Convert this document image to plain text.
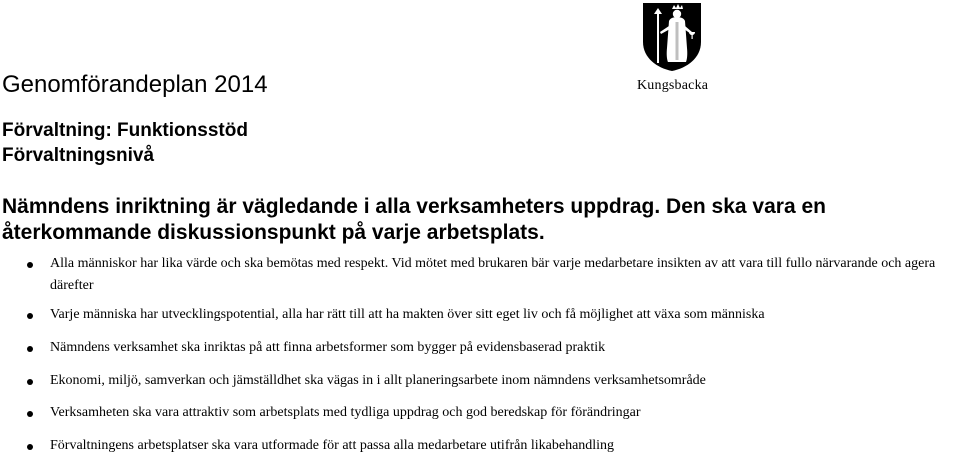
Kungsbacka
Genomförandeplan 2014
Förvaltning: Funktionsstöd
Förvaltningsnivå
Nämndens inriktning är vägledande i alla verksamheters uppdrag. Den ska vara en återkommande diskussionspunkt på varje arbetsplats.
Alla människor har lika värde och ska bemötas med respekt. Vid mötet med brukaren bär varje medarbetare insikten av att vara till fullo närvarande och agera därefter
Varje människa har utvecklingspotential, alla har rätt till att ha makten över sitt eget liv och få möjlighet att växa som människa
Nämndens verksamhet ska inriktas på att finna arbetsformer som bygger på evidensbaserad praktik
Ekonomi, miljö, samverkan och jämställdhet ska vägas in i allt planeringsarbete inom nämndens verksamhetsområde
Verksamheten ska vara attraktiv som arbetsplats med tydliga uppdrag och god beredskap för förändringar
Förvaltningens arbetsplatser ska vara utformade för att passa alla medarbetare utifrån likabehandling
